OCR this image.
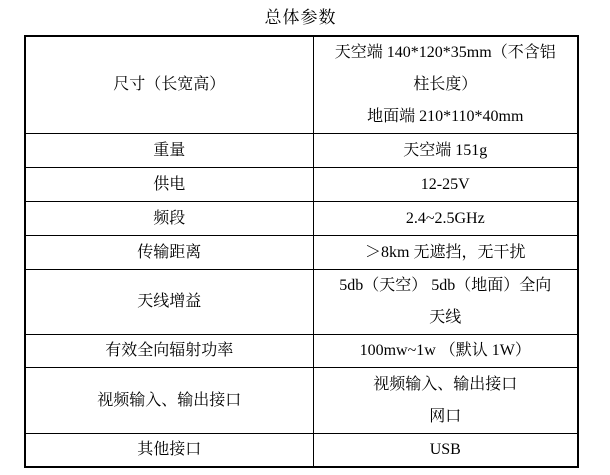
总体参数
尺寸（长宽高）	天空端 140*120*35mm（不含铝
柱长度）
地面端 210*110*40mm

重量	天空端 151g

供电	12-25V

频段	2.4~2.5GHz

传输距离	＞8km 无遮挡，无干扰

天线增益	5db（天空） 5db（地面）全向
天线

有效全向辐射功率	100mw~1w （默认 1W）

视频输入、输出接口	视频输入、输出接口
网口

其他接口	USB
